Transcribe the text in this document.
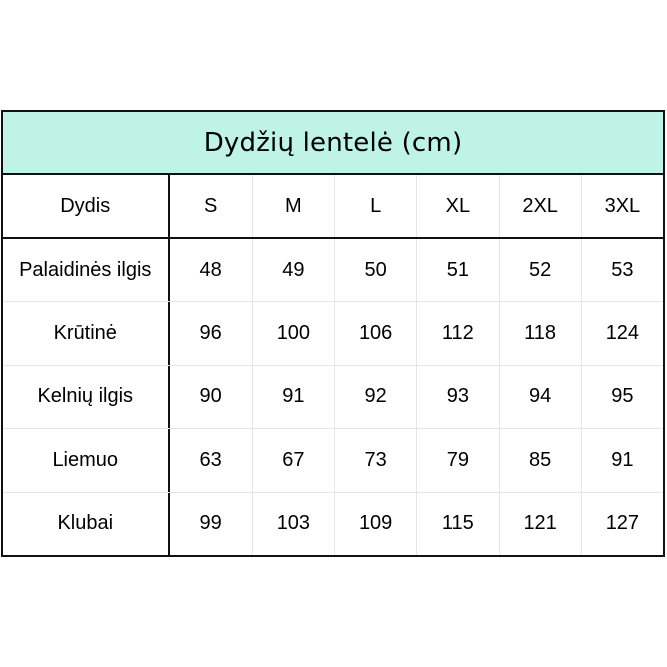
Dydžių lentelė (cm)
Dydis	S	M	L	XL	2XL	3XL
Palaidinės ilgis	48	49	50	51	52	53
Krūtinė	96	100	106	112	118	124
Kelnių ilgis	90	91	92	93	94	95
Liemuo	63	67	73	79	85	91
Klubai	99	103	109	115	121	127
